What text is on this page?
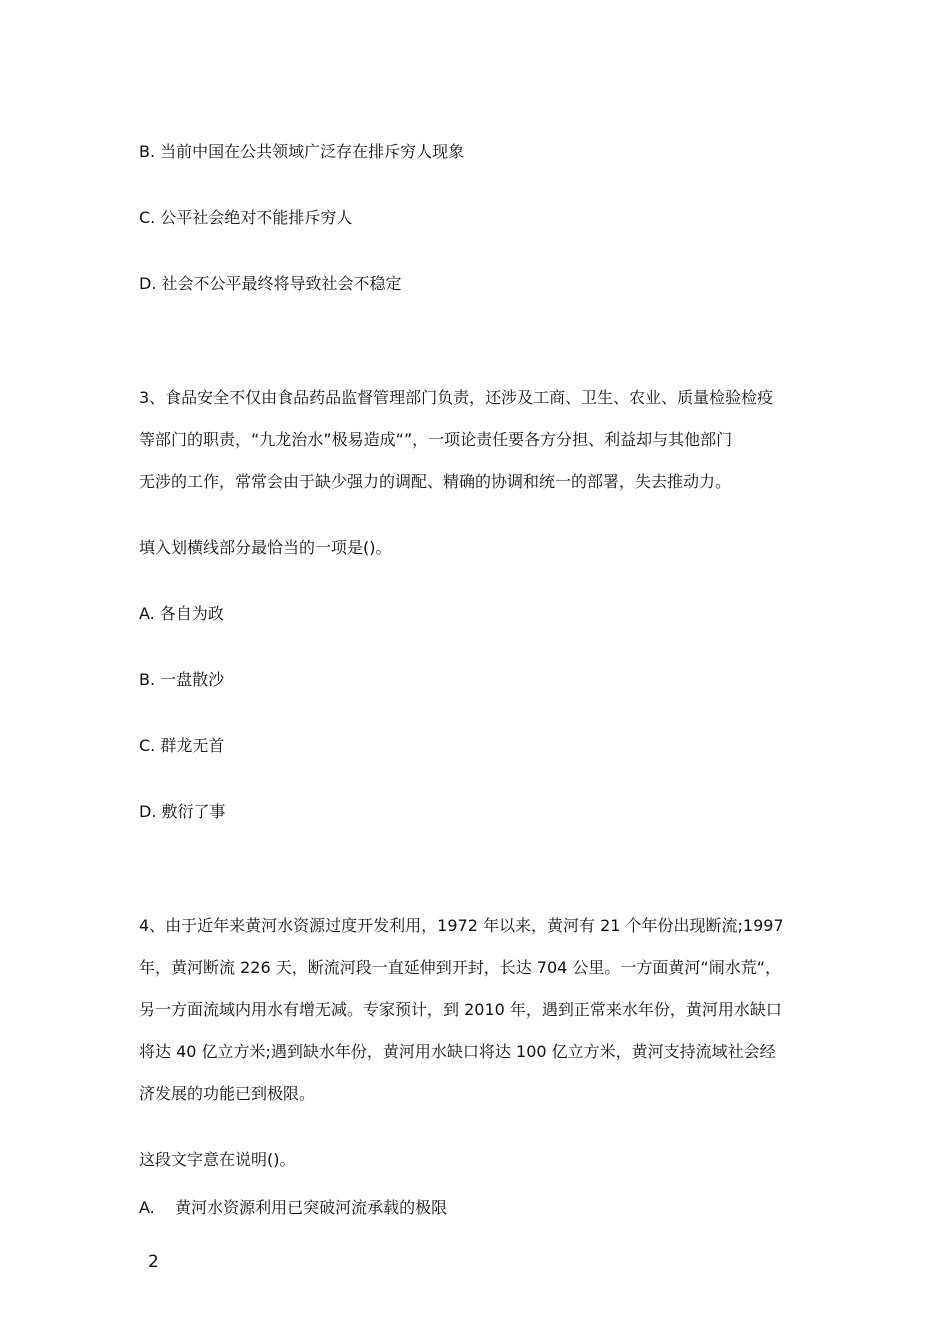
B. 当前中国在公共领域广泛存在排斥穷人现象
C. 公平社会绝对不能排斥穷人
D. 社会不公平最终将导致社会不稳定
3、食品安全不仅由食品药品监督管理部门负责，还涉及工商、卫生、农业、质量检验检疫
等部门的职责，“九龙治水”极易造成“”，一项论责任要各方分担、利益却与其他部门
无涉的工作，常常会由于缺少强力的调配、精确的协调和统一的部署，失去推动力。
填入划横线部分最恰当的一项是()。
A. 各自为政
B. 一盘散沙
C. 群龙无首
D. 敷衍了事
4、由于近年来黄河水资源过度开发利用，1972 年以来，黄河有 21 个年份出现断流;1997
年，黄河断流 226 天，断流河段一直延伸到开封，长达 704 公里。一方面黄河“闹水荒“，
另一方面流域内用水有增无减。专家预计，到 2010 年，遇到正常来水年份，黄河用水缺口
将达 40 亿立方米;遇到缺水年份，黄河用水缺口将达 100 亿立方米，黄河支持流域社会经
济发展的功能已到极限。
这段文字意在说明()。
A.    黄河水资源利用已突破河流承载的极限
2
